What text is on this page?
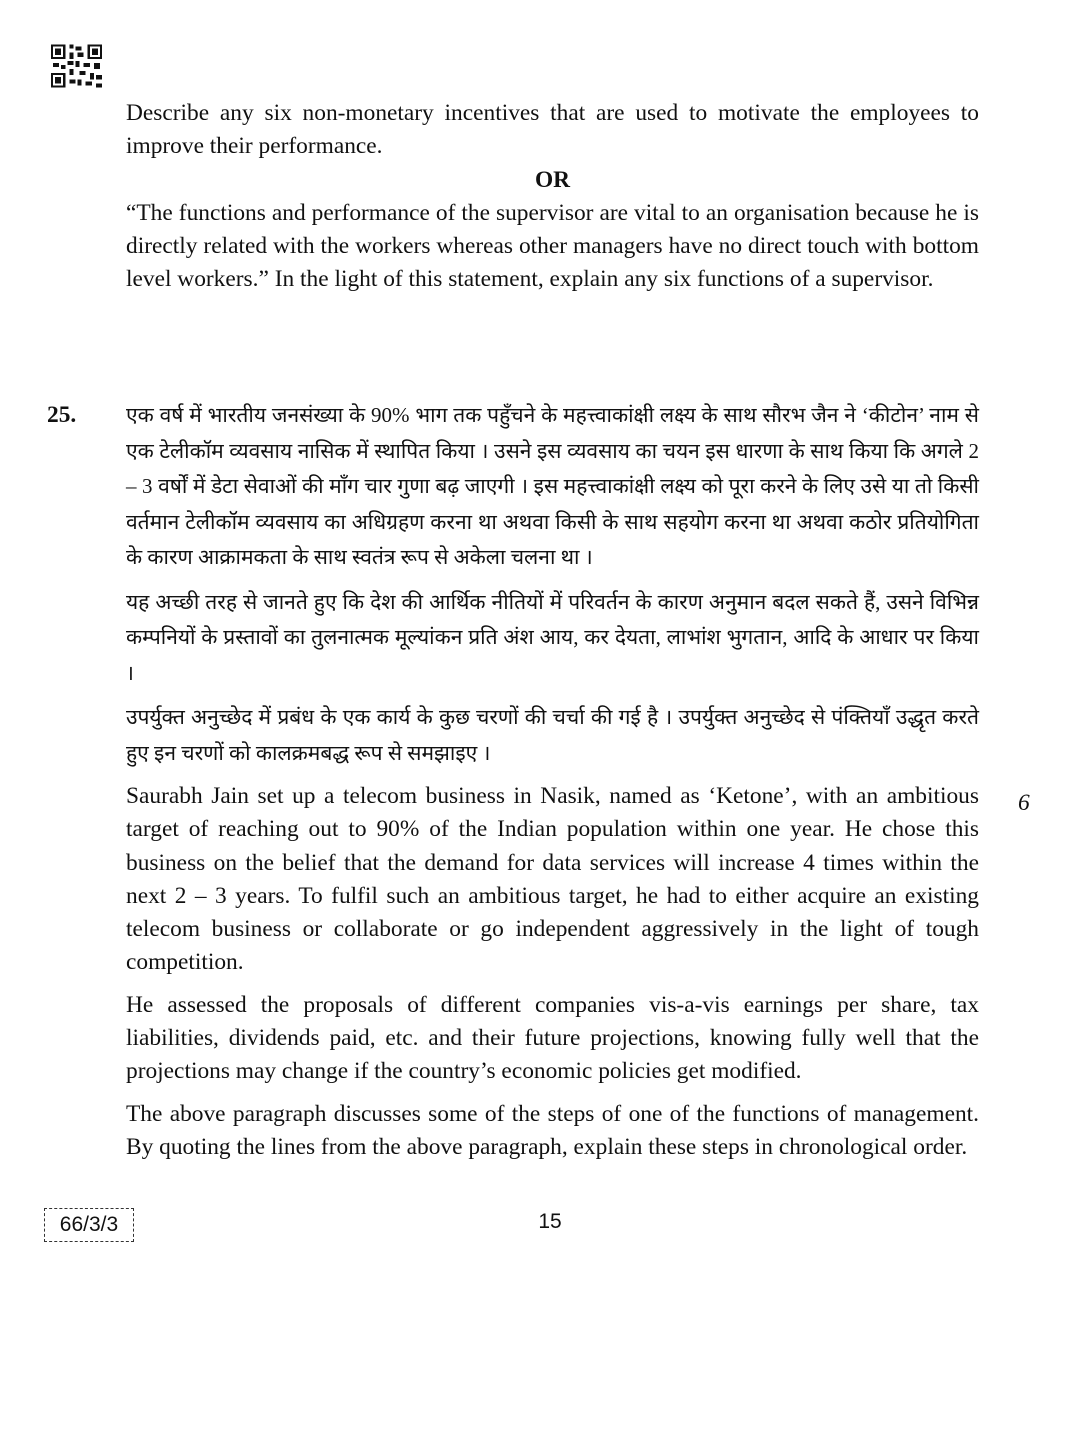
Describe any six non-monetary incentives that are used to motivate the employees to improve their performance.

OR

“The functions and performance of the supervisor are vital to an organisation because he is directly related with the workers whereas other managers have no direct touch with bottom level workers.” In the light of this statement, explain any six functions of a supervisor.

25. एक वर्ष में भारतीय जनसंख्या के 90% भाग तक पहुँचने के महत्त्वाकांक्षी लक्ष्य के साथ सौरभ जैन ने ‘कीटोन’ नाम से एक टेलीकॉम व्यवसाय नासिक में स्थापित किया । उसने इस व्यवसाय का चयन इस धारणा के साथ किया कि अगले 2 – 3 वर्षों में डेटा सेवाओं की माँग चार गुणा बढ़ जाएगी । इस महत्त्वाकांक्षी लक्ष्य को पूरा करने के लिए उसे या तो किसी वर्तमान टेलीकॉम व्यवसाय का अधिग्रहण करना था अथवा किसी के साथ सहयोग करना था अथवा कठोर प्रतियोगिता के कारण आक्रामकता के साथ स्वतंत्र रूप से अकेला चलना था ।

यह अच्छी तरह से जानते हुए कि देश की आर्थिक नीतियों में परिवर्तन के कारण अनुमान बदल सकते हैं, उसने विभिन्न कम्पनियों के प्रस्तावों का तुलनात्मक मूल्यांकन प्रति अंश आय, कर देयता, लाभांश भुगतान, आदि के आधार पर किया ।

उपर्युक्त अनुच्छेद में प्रबंध के एक कार्य के कुछ चरणों की चर्चा की गई है । उपर्युक्त अनुच्छेद से पंक्तियाँ उद्धृत करते हुए इन चरणों को कालक्रमबद्ध रूप से समझाइए ।

Saurabh Jain set up a telecom business in Nasik, named as ‘Ketone’, with an ambitious target of reaching out to 90% of the Indian population within one year. He chose this business on the belief that the demand for data services will increase 4 times within the next 2 – 3 years. To fulfil such an ambitious target, he had to either acquire an existing telecom business or collaborate or go independent aggressively in the light of tough competition.

He assessed the proposals of different companies vis-a-vis earnings per share, tax liabilities, dividends paid, etc. and their future projections, knowing fully well that the projections may change if the country’s economic policies get modified.

The above paragraph discusses some of the steps of one of the functions of management. By quoting the lines from the above paragraph, explain these steps in chronological order.

6
66/3/3	15
